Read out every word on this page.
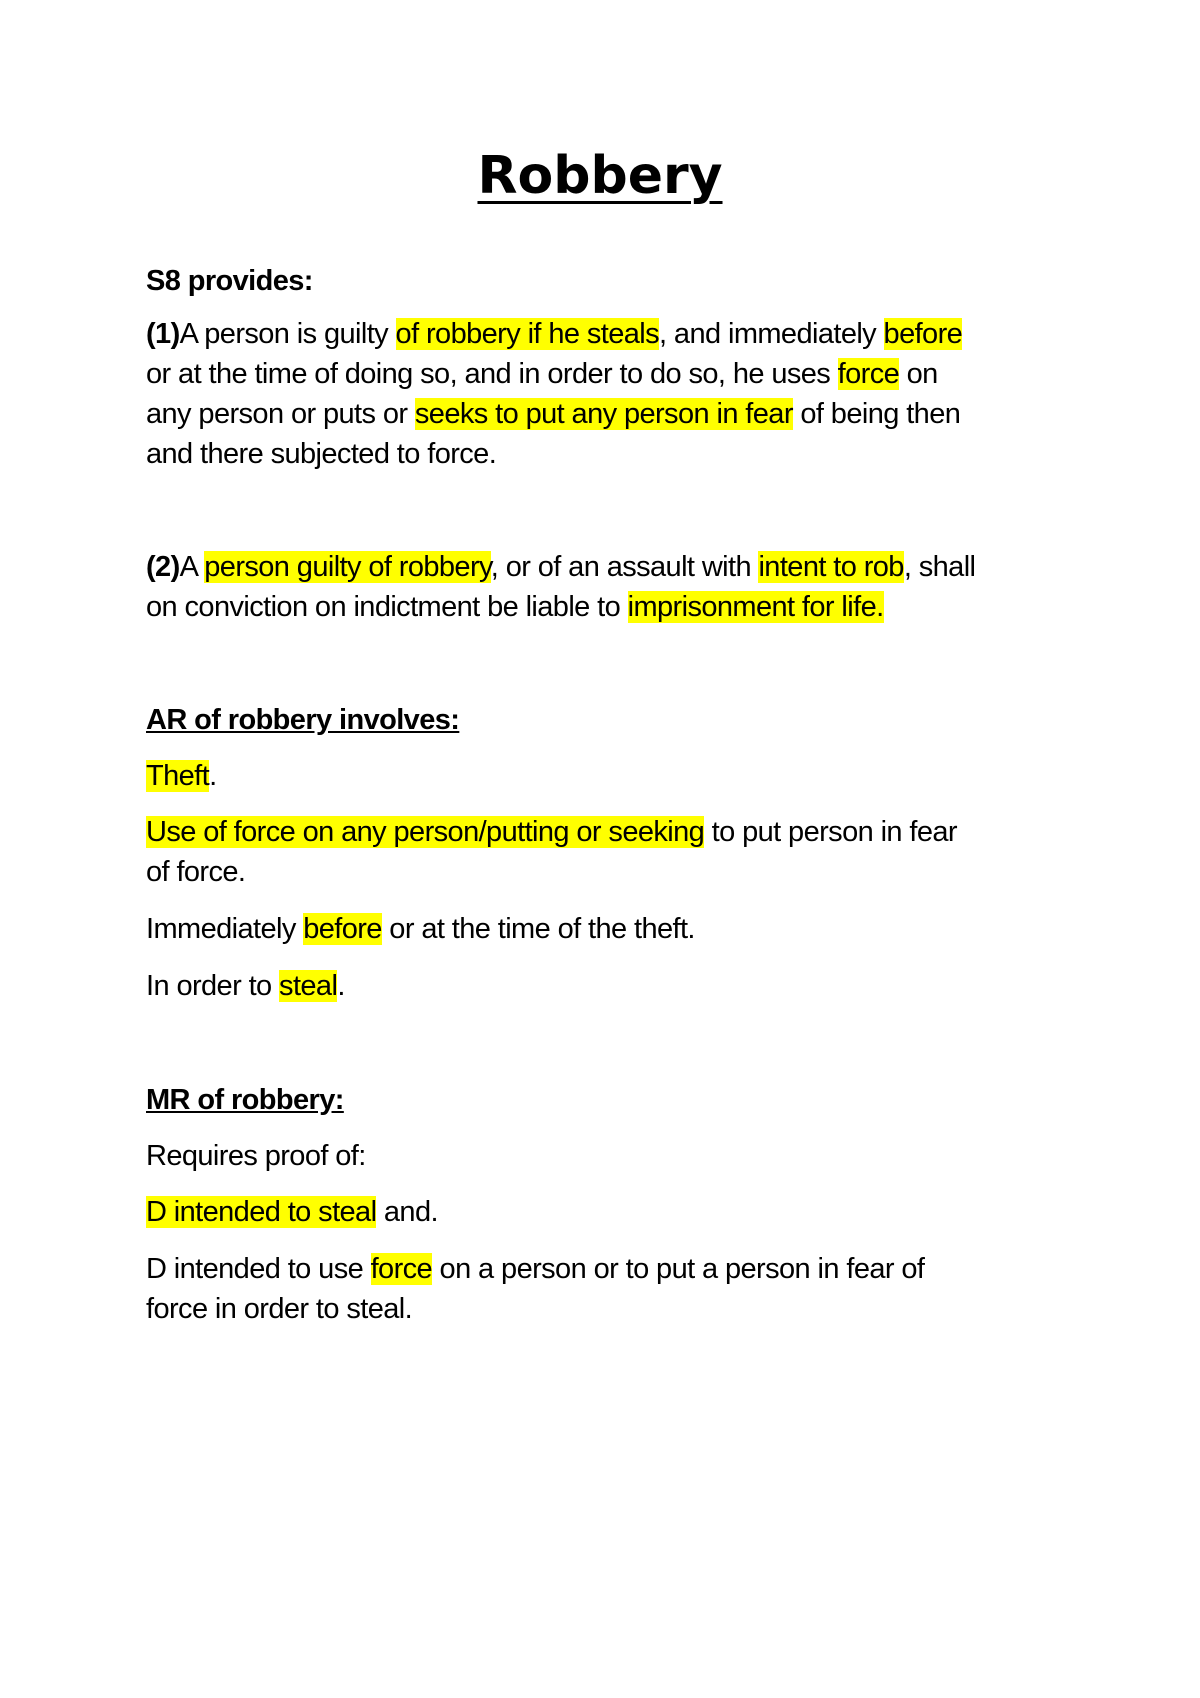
Robbery
S8 provides:
(1)A person is guilty of robbery if he steals, and immediately before
or at the time of doing so, and in order to do so, he uses force on
any person or puts or seeks to put any person in fear of being then
and there subjected to force.
(2)A person guilty of robbery, or of an assault with intent to rob, shall
on conviction on indictment be liable to imprisonment for life.
AR of robbery involves:
Theft.
Use of force on any person/putting or seeking to put person in fear
of force.
Immediately before or at the time of the theft.
In order to steal.
MR of robbery:
Requires proof of:
D intended to steal and.
D intended to use force on a person or to put a person in fear of
force in order to steal.
